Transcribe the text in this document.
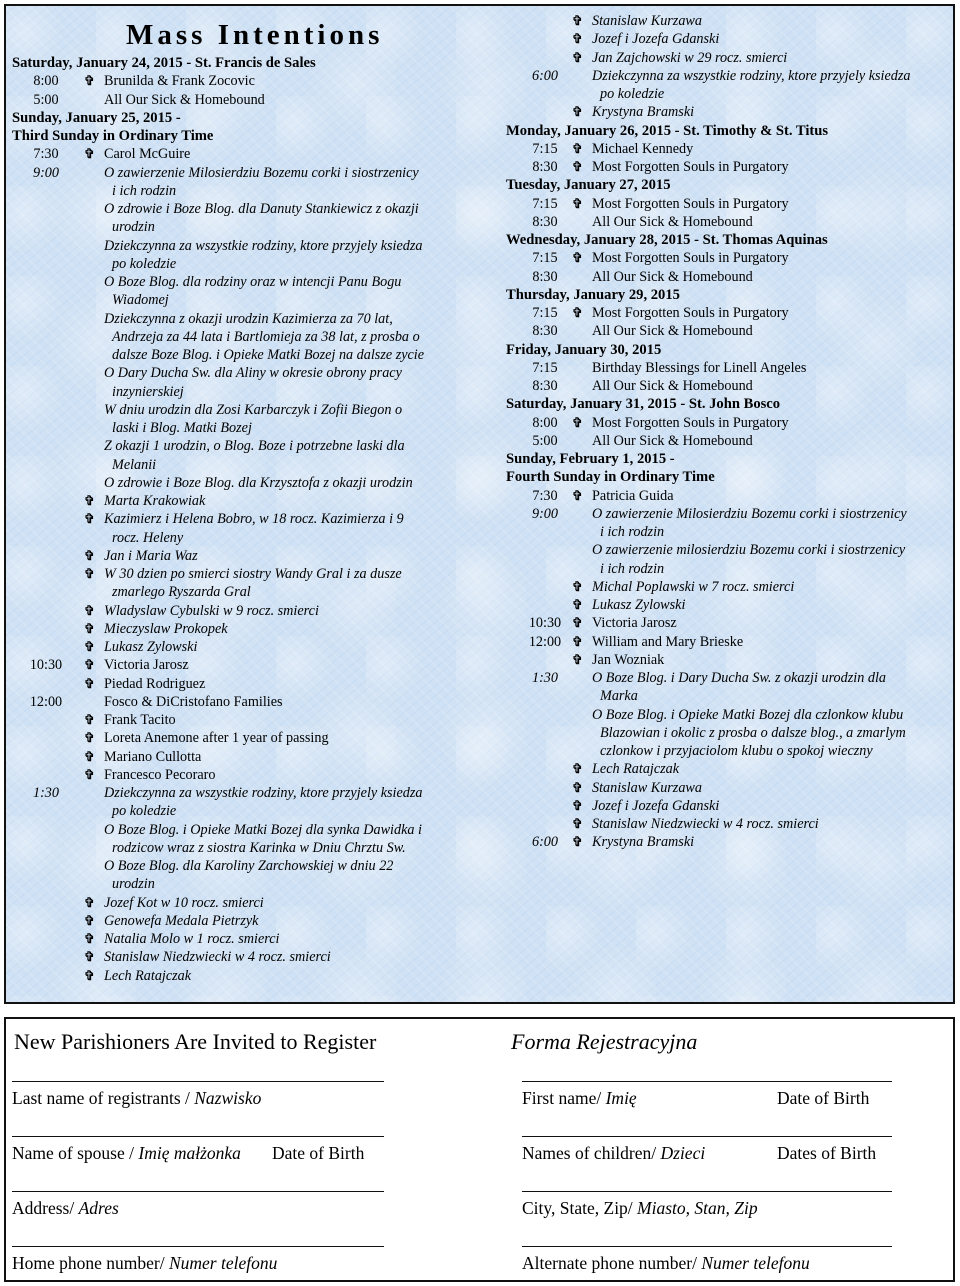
Mass Intentions
Saturday, January 24, 2015 - St. Francis de Sales
8:00	✞ Brunilda & Frank Zocovic
5:00	All Our Sick & Homebound
Sunday, January 25, 2015 -
Third Sunday in Ordinary Time
7:30	✞ Carol McGuire
9:00	O zawierzenie Milosierdziu Bozemu corki i siostrzenicy
i ich rodzin
O zdrowie i Boze Blog. dla Danuty Stankiewicz z okazji
urodzin
Dziekczynna za wszystkie rodziny, ktore przyjely ksiedza
po koledzie
O Boze Blog. dla rodziny oraz w intencji Panu Bogu
Wiadomej
Dziekczynna z okazji urodzin Kazimierza za 70 lat,
Andrzeja za 44 lata i Bartlomieja za 38 lat, z prosba o
dalsze Boze Blog. i Opieke Matki Bozej na dalsze zycie
O Dary Ducha Sw. dla Aliny w okresie obrony pracy
inzynierskiej
W dniu urodzin dla Zosi Karbarczyk i Zofii Biegon o
laski i Blog. Matki Bozej
Z okazji 1 urodzin, o Blog. Boze i potrzebne laski dla
Melanii
O zdrowie i Boze Blog. dla Krzysztofa z okazji urodzin
✞ Marta Krakowiak
✞ Kazimierz i Helena Bobro, w 18 rocz. Kazimierza i 9
rocz. Heleny
✞ Jan i Maria Waz
✞ W 30 dzien po smierci siostry Wandy Gral i za dusze
zmarlego Ryszarda Gral
✞ Wladyslaw Cybulski w 9 rocz. smierci
✞ Mieczyslaw Prokopek
✞ Lukasz Zylowski
10:30	✞ Victoria Jarosz
✞ Piedad Rodriguez
12:00	Fosco & DiCristofano Families
✞ Frank Tacito
✞ Loreta Anemone after 1 year of passing
✞ Mariano Cullotta
✞ Francesco Pecoraro
1:30	Dziekczynna za wszystkie rodziny, ktore przyjely ksiedza
po koledzie
O Boze Blog. i Opieke Matki Bozej dla synka Dawidka i
rodzicow wraz z siostra Karinka w Dniu Chrztu Sw.
O Boze Blog. dla Karoliny Zarchowskiej w dniu 22
urodzin
✞ Jozef Kot w 10 rocz. smierci
✞ Genowefa Medala Pietrzyk
✞ Natalia Molo w 1 rocz. smierci
✞ Stanislaw Niedzwiecki w 4 rocz. smierci
✞ Lech Ratajczak
✞ Stanislaw Kurzawa
✞ Jozef i Jozefa Gdanski
✞ Jan Zajchowski w 29 rocz. smierci
6:00	Dziekczynna za wszystkie rodziny, ktore przyjely ksiedza
po koledzie
✞ Krystyna Bramski
Monday, January 26, 2015 - St. Timothy & St. Titus
7:15	✞ Michael Kennedy
8:30	✞ Most Forgotten Souls in Purgatory
Tuesday, January 27, 2015
7:15	✞ Most Forgotten Souls in Purgatory
8:30	All Our Sick & Homebound
Wednesday, January 28, 2015 - St. Thomas Aquinas
7:15	✞ Most Forgotten Souls in Purgatory
8:30	All Our Sick & Homebound
Thursday, January 29, 2015
7:15	✞ Most Forgotten Souls in Purgatory
8:30	All Our Sick & Homebound
Friday, January 30, 2015
7:15	Birthday Blessings for Linell Angeles
8:30	All Our Sick & Homebound
Saturday, January 31, 2015 - St. John Bosco
8:00	✞ Most Forgotten Souls in Purgatory
5:00	All Our Sick & Homebound
Sunday, February 1, 2015 -
Fourth Sunday in Ordinary Time
7:30	✞ Patricia Guida
9:00	O zawierzenie Milosierdziu Bozemu corki i siostrzenicy
i ich rodzin
O zawierzenie milosierdziu Bozemu corki i siostrzenicy
i ich rodzin
✞ Michal Poplawski w 7 rocz. smierci
✞ Lukasz Zylowski
10:30 ✞ Victoria Jarosz
12:00 ✞ William and Mary Brieske
✞ Jan Wozniak
1:30	O Boze Blog. i Dary Ducha Sw. z okazji urodzin dla
Marka
O Boze Blog. i Opieke Matki Bozej dla czlonkow klubu
Blazowian i okolic z prosba o dalsze blog., a zmarlym
czlonkow i przyjaciolom klubu o spokoj wieczny
✞ Lech Ratajczak
✞ Stanislaw Kurzawa
✞ Jozef i Jozefa Gdanski
✞ Stanislaw Niedzwiecki w 4 rocz. smierci
6:00	✞ Krystyna Bramski
New Parishioners Are Invited to Register	Forma Rejestracyjna
Last name of registrants / Nazwisko	First name/ Imię	Date of Birth
Name of spouse / Imię małżonka Date of Birth	Names of children/ Dzieci	Dates of Birth
Address/ Adres	City, State, Zip/ Miasto, Stan, Zip
Home phone number/ Numer telefonu	Alternate phone number/ Numer telefonu
